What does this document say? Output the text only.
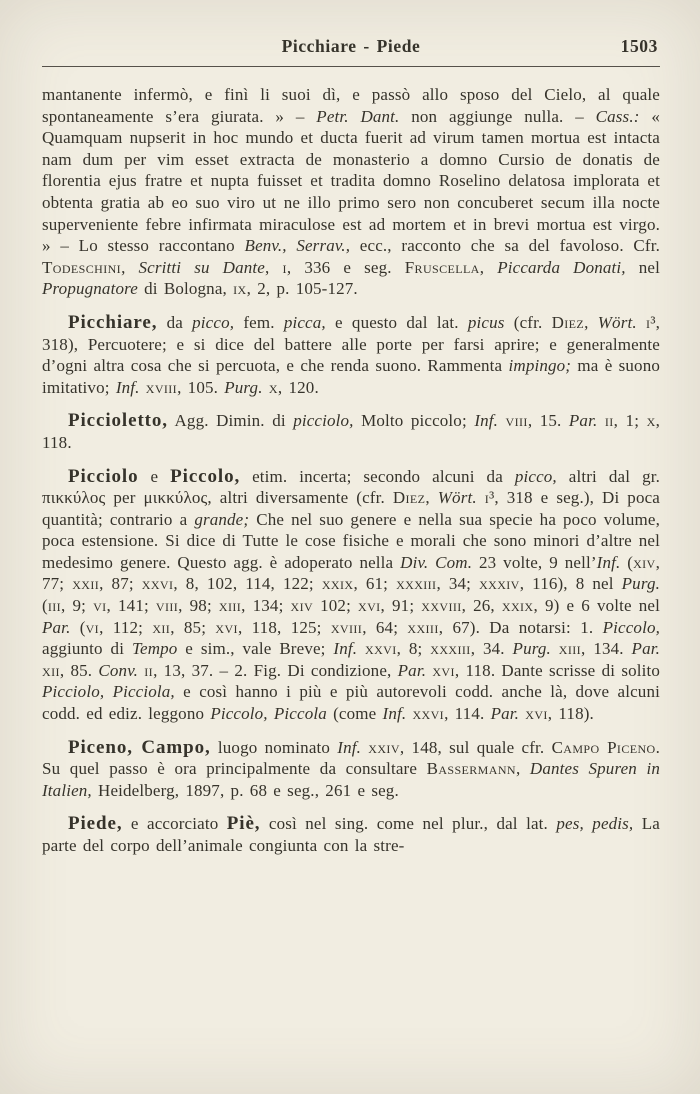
Picchiare - Piede	1503

mantanente infermò, e finì li suoi dì, e passò allo sposo del Cielo, al quale spontaneamente s’era giurata. » – Petr. Dant. non aggiunge nulla. – Cass.: « Quamquam nupserit in hoc mundo et ducta fuerit ad virum tamen mortua est intacta nam dum per vim esset extracta de monasterio a domno Cursio de donatis de florentia ejus fratre et nupta fuisset et tradita domno Roselino delatosa implorata et obtenta gratia ab eo suo viro ut ne illo primo sero non concuberet secum illa nocte superveniente febre infirmata miraculose est ad mortem et in brevi mortua est virgo. » – Lo stesso raccontano Benv., Serrav., ecc., racconto che sa del favoloso. Cfr. Todeschini, Scritti su Dante, i, 336 e seg. Fruscella, Piccarda Donati, nel Propugnatore di Bologna, ix, 2, p. 105-127.

Picchiare, da picco, fem. picca, e questo dal lat. picus (cfr. Diez, Wört. i³, 318), Percuotere; e si dice del battere alle porte per farsi aprire; e generalmente d’ogni altra cosa che si percuota, e che renda suono. Rammenta impingo; ma è suono imitativo; Inf. xviii, 105. Purg. x, 120.

Piccioletto, Agg. Dimin. di picciolo, Molto piccolo; Inf. viii, 15. Par. ii, 1; x, 118.

Picciolo e Piccolo, etim. incerta; secondo alcuni da picco, altri dal gr. πικκύλος per μικκύλος, altri diversamente (cfr. Diez, Wört. i³, 318 e seg.), Di poca quantità; contrario a grande; Che nel suo genere e nella sua specie ha poco volume, poca estensione. Si dice di Tutte le cose fisiche e morali che sono minori d’altre nel medesimo genere. Questo agg. è adoperato nella Div. Com. 23 volte, 9 nell’Inf. (xiv, 77; xxii, 87; xxvi, 8, 102, 114, 122; xxix, 61; xxxiii, 34; xxxiv, 116), 8 nel Purg. (iii, 9; vi, 141; viii, 98; xiii, 134; xiv 102; xvi, 91; xxviii, 26, xxix, 9) e 6 volte nel Par. (vi, 112; xii, 85; xvi, 118, 125; xviii, 64; xxiii, 67). Da notarsi: 1. Piccolo, aggiunto di Tempo e sim., vale Breve; Inf. xxvi, 8; xxxiii, 34. Purg. xiii, 134. Par. xii, 85. Conv. ii, 13, 37. – 2. Fig. Di condizione, Par. xvi, 118. Dante scrisse di solito Picciolo, Picciola, e così hanno i più e più autorevoli codd. anche là, dove alcuni codd. ed ediz. leggono Piccolo, Piccola (come Inf. xxvi, 114. Par. xvi, 118).

Piceno, Campo, luogo nominato Inf. xxiv, 148, sul quale cfr. Campo Piceno. Su quel passo è ora principalmente da consultare Bassermann, Dantes Spuren in Italien, Heidelberg, 1897, p. 68 e seg., 261 e seg.

Piede, e accorciato Piè, così nel sing. come nel plur., dal lat. pes, pedis, La parte del corpo dell’animale congiunta con la stre-
